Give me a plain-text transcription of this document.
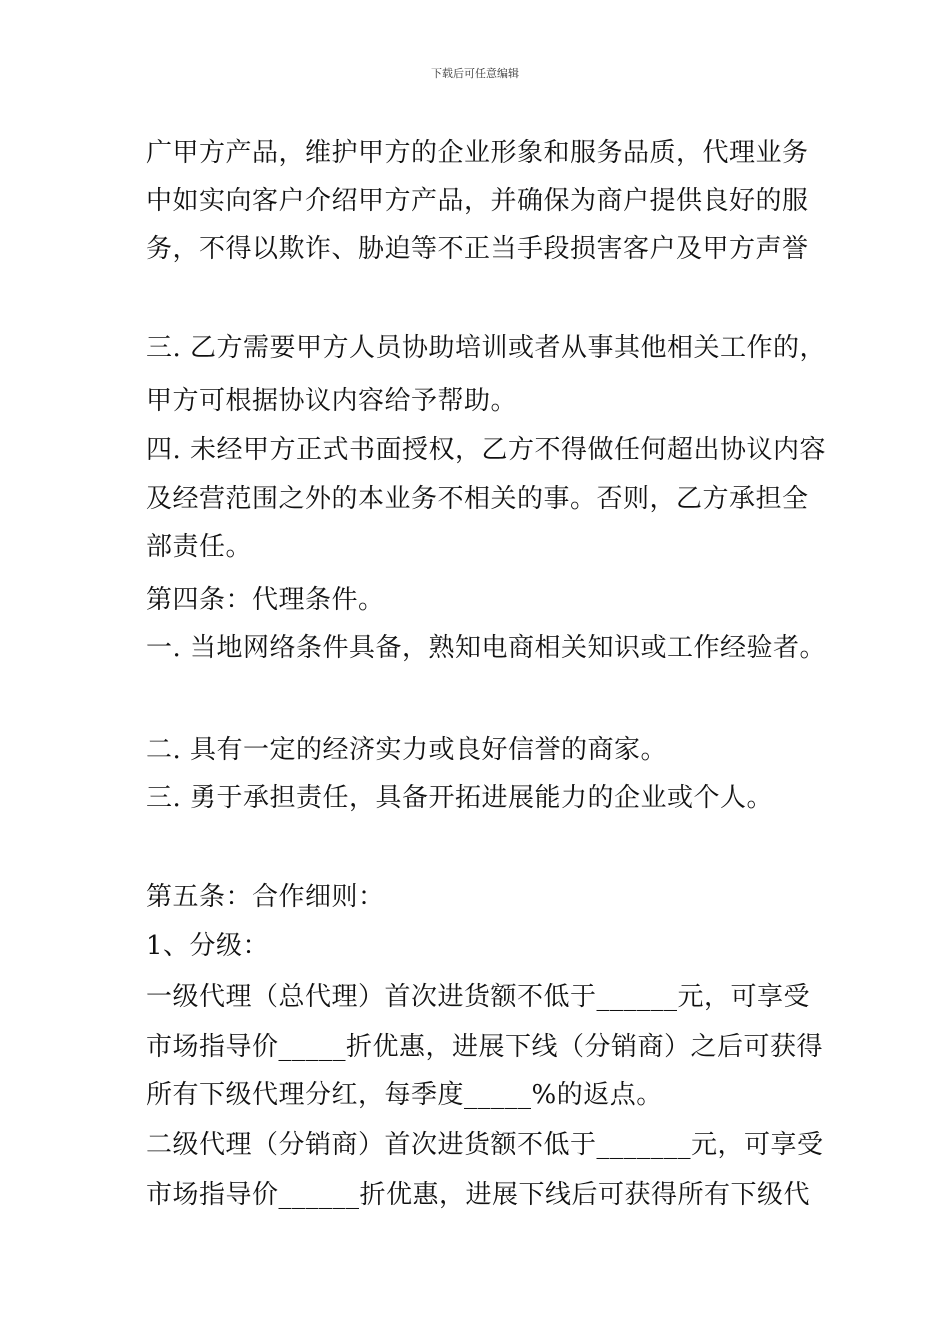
下载后可任意编辑
广甲方产品，维护甲方的企业形象和服务品质，代理业务
中如实向客户介绍甲方产品，并确保为商户提供良好的服
务，不得以欺诈、胁迫等不正当手段损害客户及甲方声誉
三. 乙方需要甲方人员协助培训或者从事其他相关工作的，
甲方可根据协议内容给予帮助。
四. 未经甲方正式书面授权，乙方不得做任何超出协议内容
及经营范围之外的本业务不相关的事。否则，乙方承担全
部责任。
第四条：代理条件。
一. 当地网络条件具备，熟知电商相关知识或工作经验者。
二. 具有一定的经济实力或良好信誉的商家。
三. 勇于承担责任，具备开拓进展能力的企业或个人。
第五条：合作细则：
1、分级：
一级代理（总代理）首次进货额不低于______元，可享受
市场指导价_____折优惠，进展下线（分销商）之后可获得
所有下级代理分红，每季度_____%的返点。
二级代理（分销商）首次进货额不低于_______元，可享受
市场指导价______折优惠，进展下线后可获得所有下级代
